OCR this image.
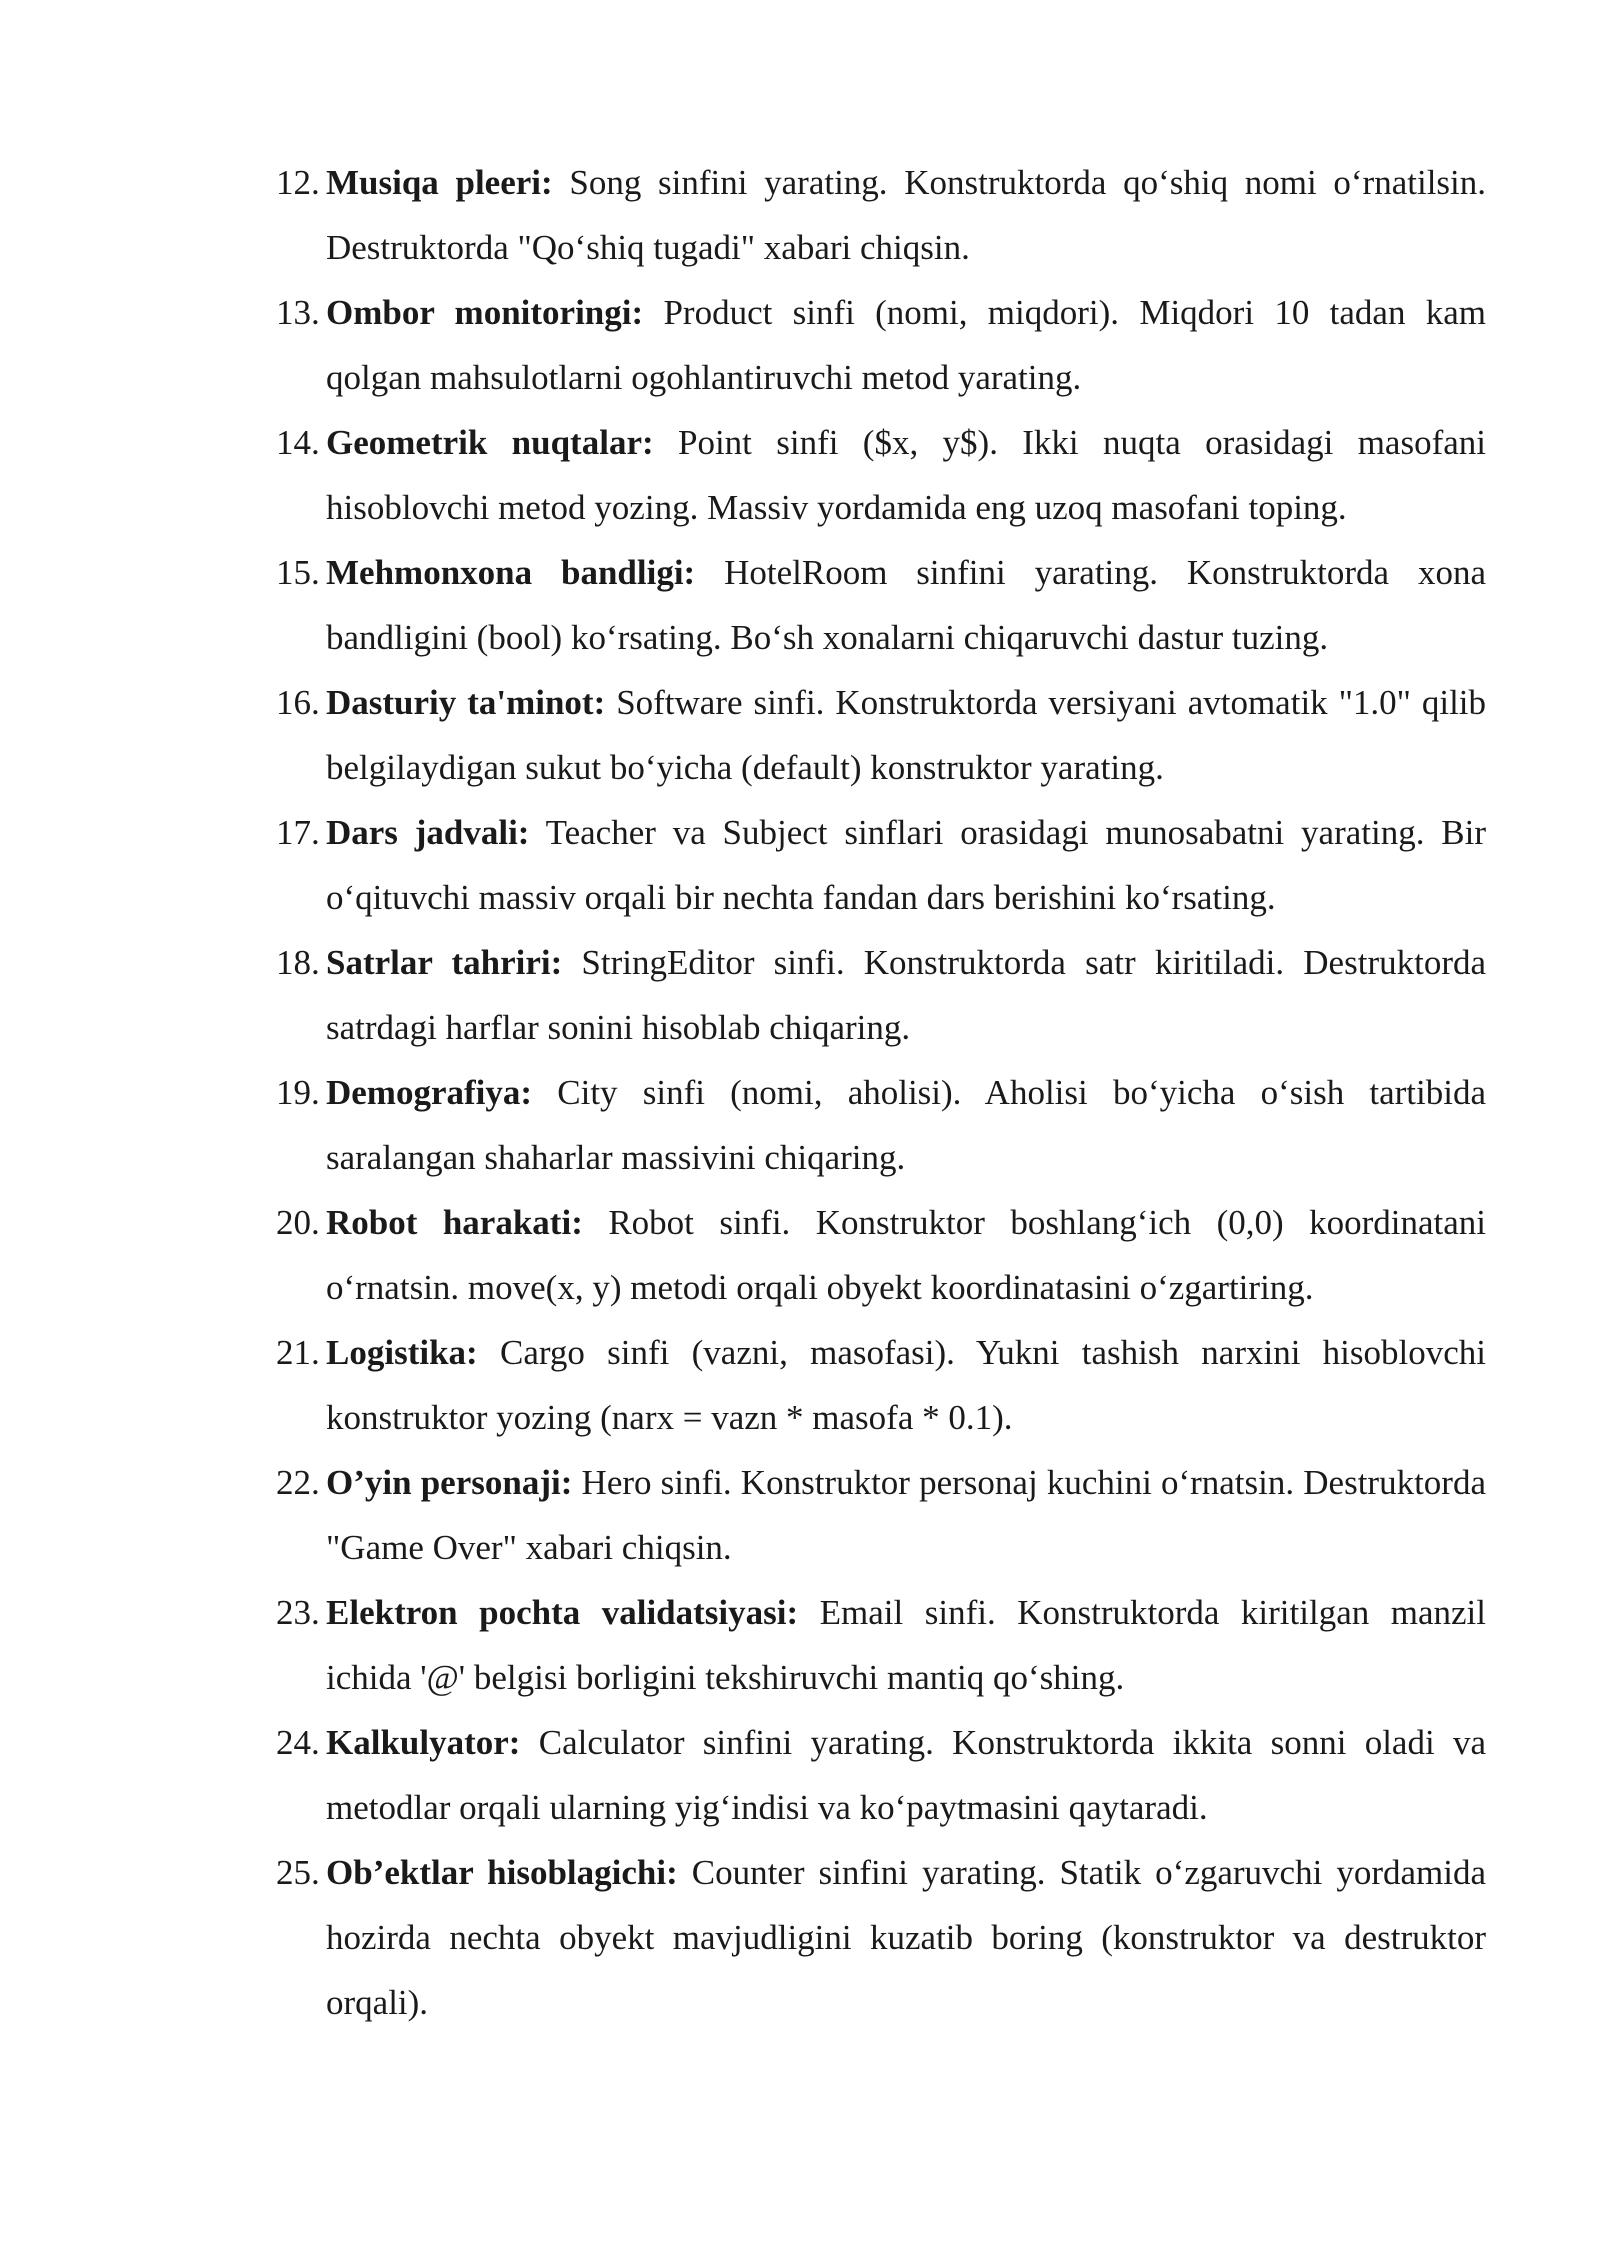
12. Musiqa pleeri: Song sinfini yarating. Konstruktorda qo‘shiq nomi o‘rnatilsin. Destruktorda "Qo‘shiq tugadi" xabari chiqsin.
13. Ombor monitoringi: Product sinfi (nomi, miqdori). Miqdori 10 tadan kam qolgan mahsulotlarni ogohlantiruvchi metod yarating.
14. Geometrik nuqtalar: Point sinfi ($x, y$). Ikki nuqta orasidagi masofani hisoblovchi metod yozing. Massiv yordamida eng uzoq masofani toping.
15. Mehmonxona bandligi: HotelRoom sinfini yarating. Konstruktorda xona bandligini (bool) ko‘rsating. Bo‘sh xonalarni chiqaruvchi dastur tuzing.
16. Dasturiy ta'minot: Software sinfi. Konstruktorda versiyani avtomatik "1.0" qilib belgilaydigan sukut bo‘yicha (default) konstruktor yarating.
17. Dars jadvali: Teacher va Subject sinflari orasidagi munosabatni yarating. Bir o‘qituvchi massiv orqali bir nechta fandan dars berishini ko‘rsating.
18. Satrlar tahriri: StringEditor sinfi. Konstruktorda satr kiritiladi. Destruktorda satrdagi harflar sonini hisoblab chiqaring.
19. Demografiya: City sinfi (nomi, aholisi). Aholisi bo‘yicha o‘sish tartibida saralangan shaharlar massivini chiqaring.
20. Robot harakati: Robot sinfi. Konstruktor boshlang‘ich (0,0) koordinatani o‘rnatsin. move(x, y) metodi orqali obyekt koordinatasini o‘zgartiring.
21. Logistika: Cargo sinfi (vazni, masofasi). Yukni tashish narxini hisoblovchi konstruktor yozing (narx = vazn * masofa * 0.1).
22. O’yin personaji: Hero sinfi. Konstruktor personaj kuchini o‘rnatsin. Destruktorda "Game Over" xabari chiqsin.
23. Elektron pochta validatsiyasi: Email sinfi. Konstruktorda kiritilgan manzil ichida '@' belgisi borligini tekshiruvchi mantiq qo‘shing.
24. Kalkulyator: Calculator sinfini yarating. Konstruktorda ikkita sonni oladi va metodlar orqali ularning yig‘indisi va ko‘paytmasini qaytaradi.
25. Ob’ektlar hisoblagichi: Counter sinfini yarating. Statik o‘zgaruvchi yordamida hozirda nechta obyekt mavjudligini kuzatib boring (konstruktor va destruktor orqali).
